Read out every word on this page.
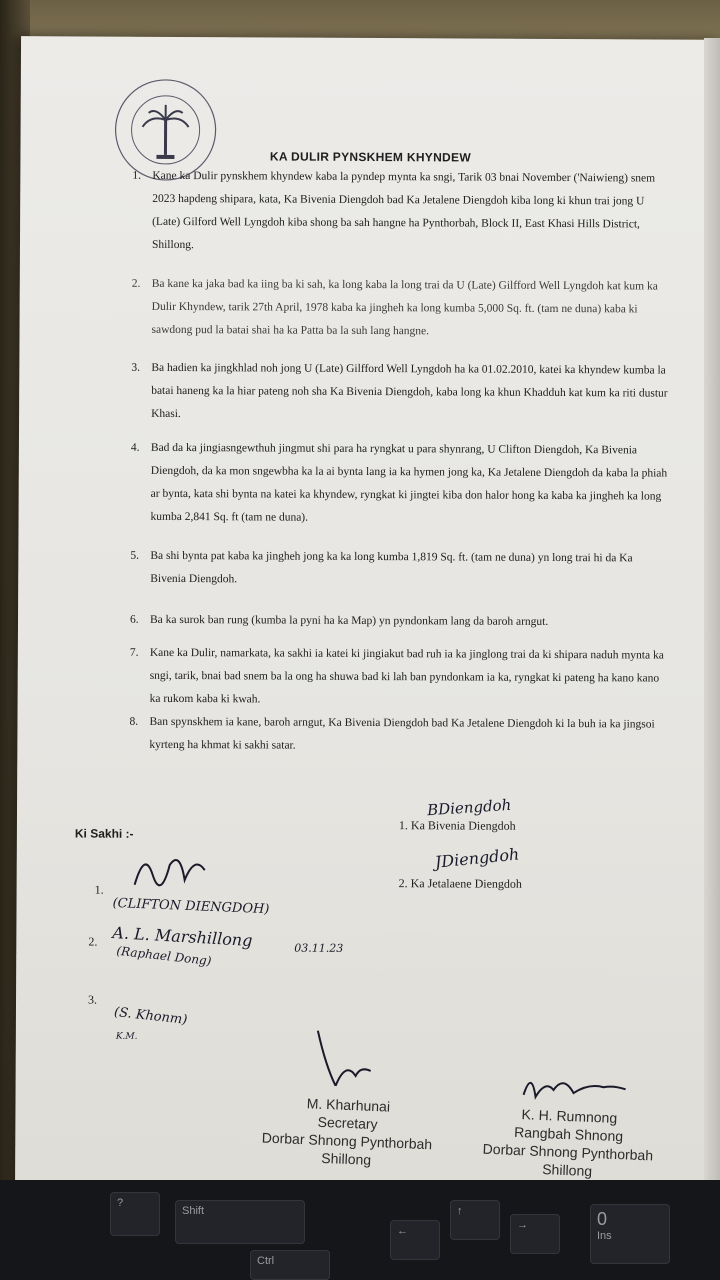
KA DULIR PYNSKHEM KHYNDEW
1. Kane ka Dulir pynskhem khyndew kaba la pyndep mynta ka sngi, Tarik 03 bnai November ('Naiwieng) snem 2023 hapdeng shipara, kata, Ka Bivenia Diengdoh bad Ka Jetalene Diengdoh kiba long ki khun trai jong U (Late) Gilford Well Lyngdoh kiba shong ba sah hangne ha Pynthorbah, Block II, East Khasi Hills District, Shillong.
2. Ba kane ka jaka bad ka iing ba ki sah, ka long kaba la long trai da U (Late) Gilfford Well Lyngdoh kat kum ka Dulir Khyndew, tarik 27th April, 1978 kaba ka jingheh ka long kumba 5,000 Sq. ft. (tam ne duna) kaba ki sawdong pud la batai shai ha ka Patta ba la suh lang hangne.
3. Ba hadien ka jingkhlad noh jong U (Late) Gilfford Well Lyngdoh ha ka 01.02.2010, katei ka khyndew kumba la batai haneng ka la hiar pateng noh sha Ka Bivenia Diengdoh, kaba long ka khun Khadduh kat kum ka riti dustur Khasi.
4. Bad da ka jingiasngewthuh jingmut shi para ha ryngkat u para shynrang, U Clifton Diengdoh, Ka Bivenia Diengdoh, da ka mon sngewbha ka la ai bynta lang ia ka hymen jong ka, Ka Jetalene Diengdoh da kaba la phiah ar bynta, kata shi bynta na katei ka khyndew, ryngkat ki jingtei kiba don halor hong ka kaba ka jingheh ka long kumba 2,841 Sq. ft (tam ne duna).
5. Ba shi bynta pat kaba ka jingheh jong ka ka long kumba 1,819 Sq. ft. (tam ne duna) yn long trai hi da Ka Bivenia Diengdoh.
6. Ba ka surok ban rung (kumba la pyni ha ka Map) yn pyndonkam lang da baroh arngut.
7. Kane ka Dulir, namarkata, ka sakhi ia katei ki jingiakut bad ruh ia ka jinglong trai da ki shipara naduh mynta ka sngi, tarik, bnai bad snem ba la ong ha shuwa bad ki lah ban pyndonkam ia ka, ryngkat ki pateng ha kano kano ka rukom kaba ki kwah.
8. Ban spynskhem ia kane, baroh arngut, Ka Bivenia Diengdoh bad Ka Jetalene Diengdoh ki la buh ia ka jingsoi kyrteng ha khmat ki sakhi satar.
BDiengdoh
1. Ka Bivenia Diengdoh
JDiengdoh
2. Ka Jetalaene Diengdoh
Ki Sakhi :-
1.
(CLIFTON DIENGDOH)
2. A. L. Marshillong
(Raphael Dong)	03.11.23
3.
(S. Khonm)
K.M.
M. Kharhunai
Secretary
Dorbar Shnong Pynthorbah
Shillong
K. H. Rumnong
Rangbah Shnong
Dorbar Shnong Pynthorbah
Shillong
?
Shift
Ctrl
←
↑
→	0
Ins
